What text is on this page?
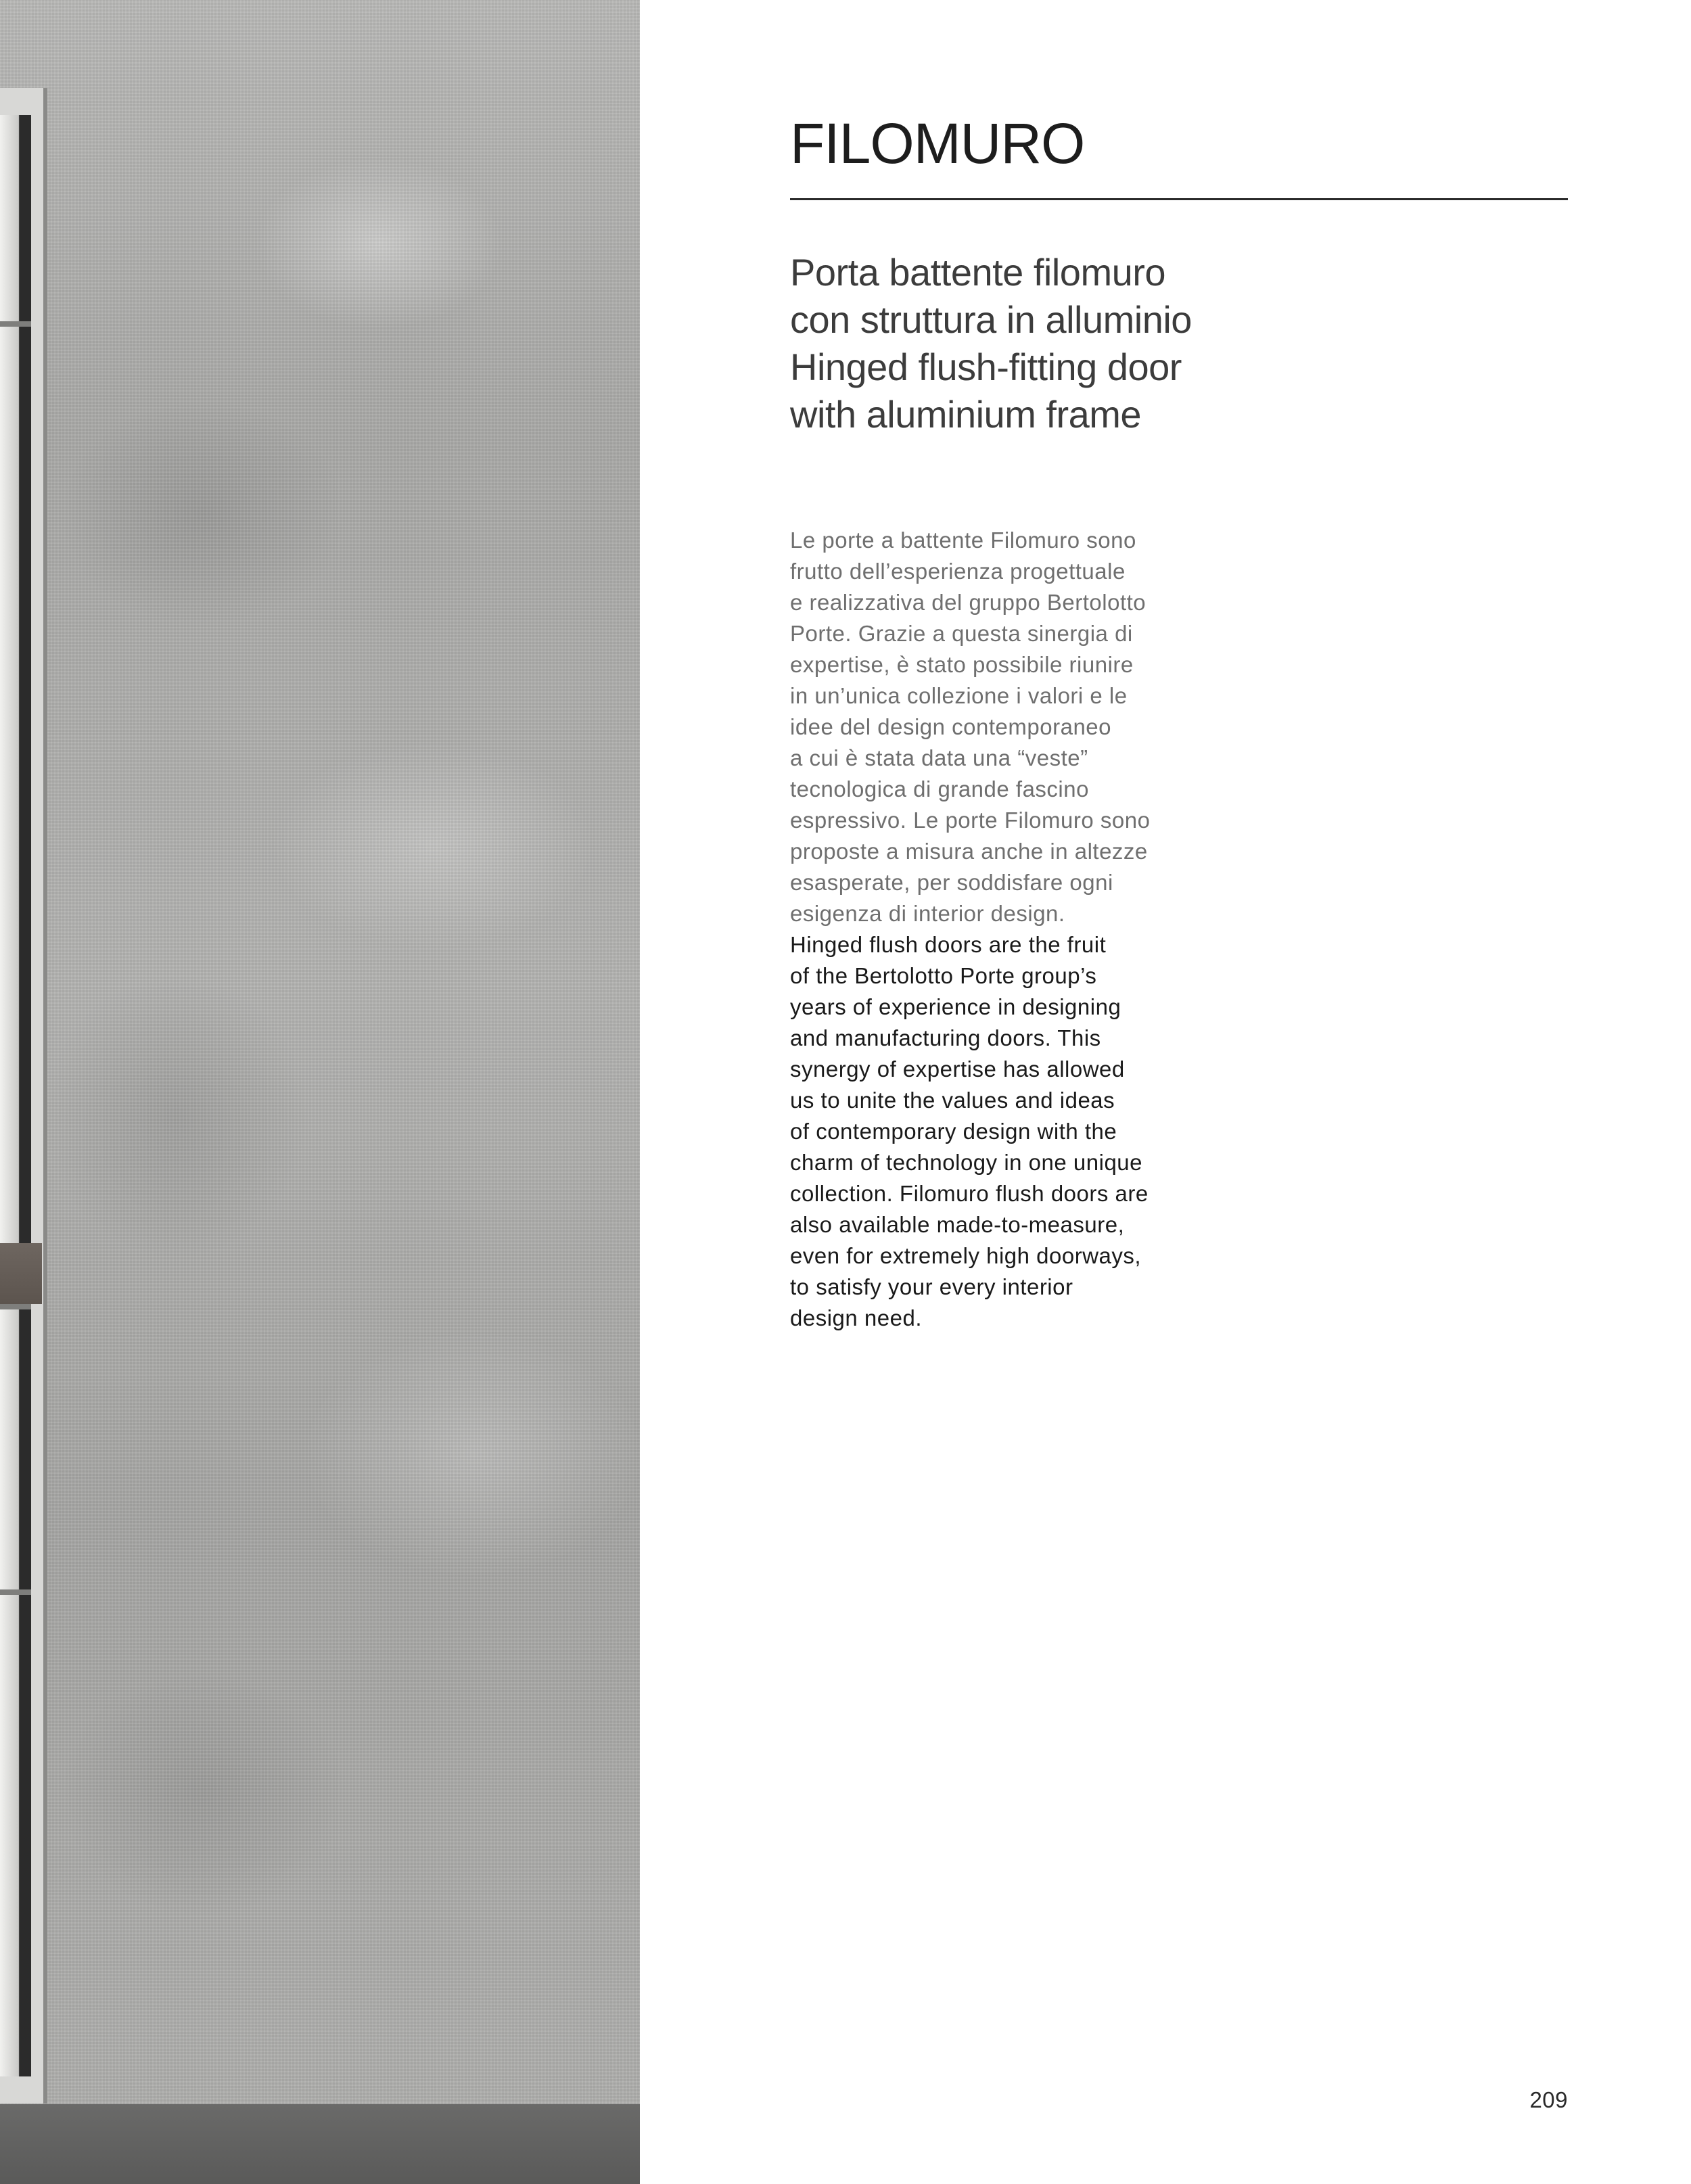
FILOMURO
Porta battente filomuro
con struttura in alluminio
Hinged flush-fitting door
with aluminium frame
Le porte a battente Filomuro sono
frutto dell’esperienza progettuale
e realizzativa del gruppo Bertolotto
Porte. Grazie a questa sinergia di
expertise, è stato possibile riunire
in un’unica collezione i valori e le
idee del design contemporaneo
a cui è stata data una “veste”
tecnologica di grande fascino
espressivo. Le porte Filomuro sono
proposte a misura anche in altezze
esasperate, per soddisfare ogni
esigenza di interior design.
Hinged flush doors are the fruit
of the Bertolotto Porte group’s
years of experience in designing
and manufacturing doors. This
synergy of expertise has allowed
us to unite the values and ideas
of contemporary design with the
charm of technology in one unique
collection. Filomuro flush doors are
also available made-to-measure,
even for extremely high doorways,
to satisfy your every interior
design need.
209
